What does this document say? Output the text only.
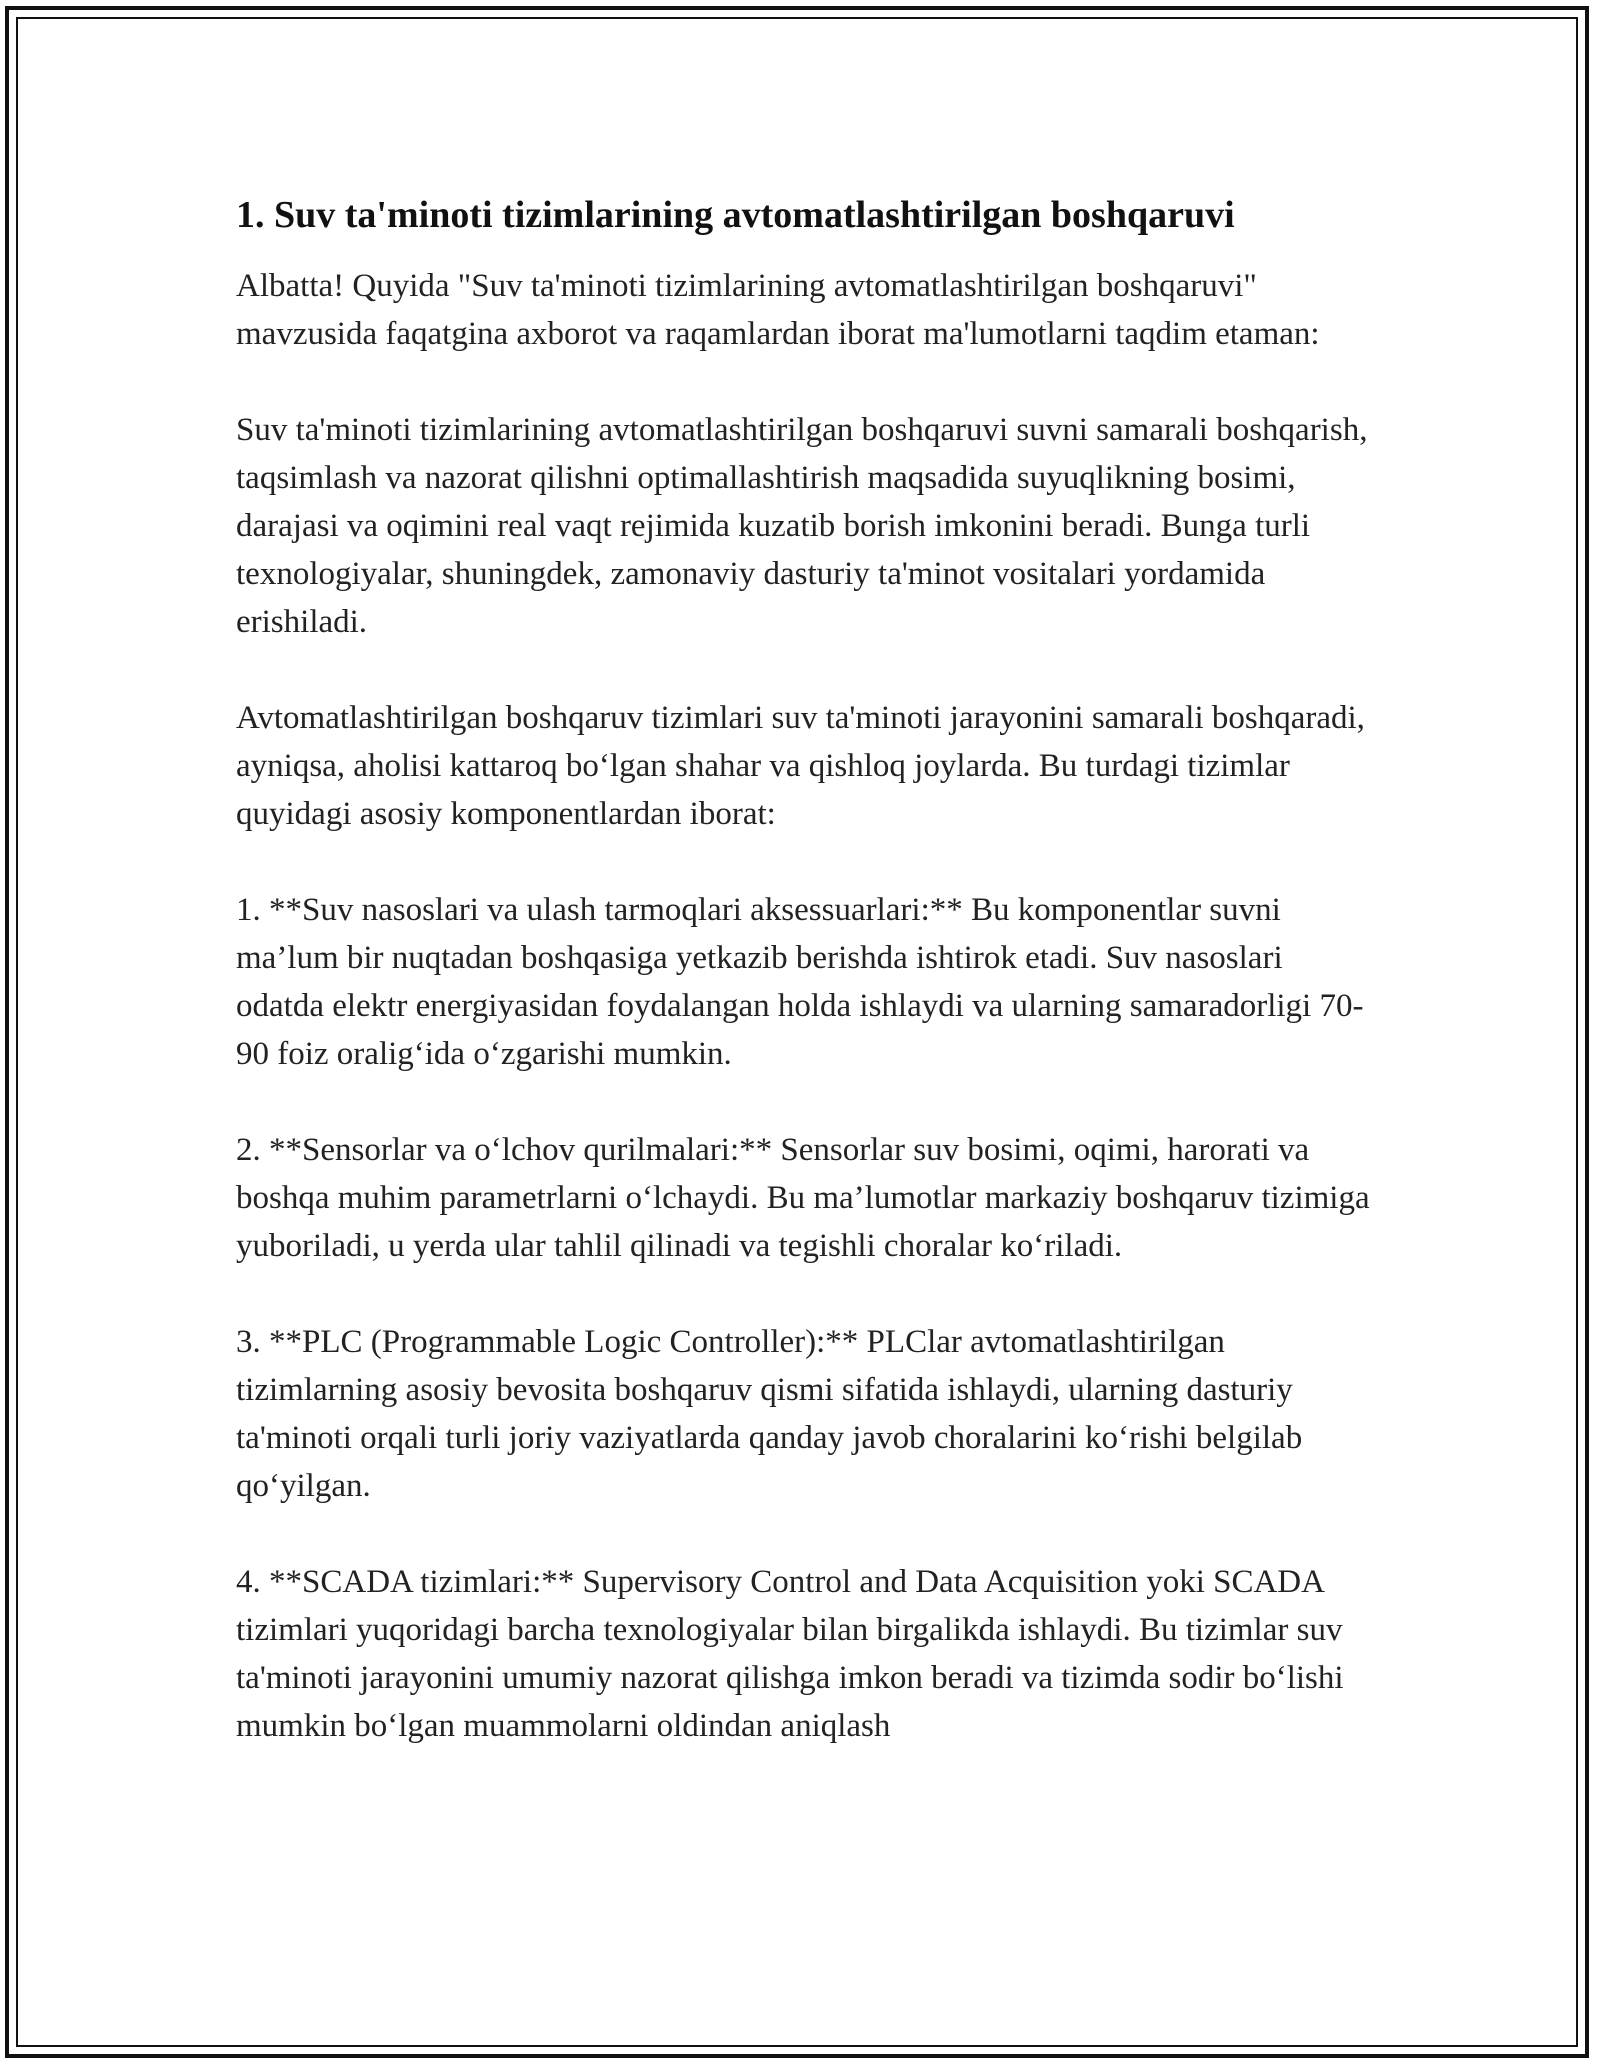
1. Suv ta'minoti tizimlarining avtomatlashtirilgan boshqaruvi

Albatta! Quyida "Suv ta'minoti tizimlarining avtomatlashtirilgan boshqaruvi" mavzusida faqatgina axborot va raqamlardan iborat ma'lumotlarni taqdim etaman:

Suv ta'minoti tizimlarining avtomatlashtirilgan boshqaruvi suvni samarali boshqarish, taqsimlash va nazorat qilishni optimallashtirish maqsadida suyuqlikning bosimi, darajasi va oqimini real vaqt rejimida kuzatib borish imkonini beradi. Bunga turli texnologiyalar, shuningdek, zamonaviy dasturiy ta'minot vositalari yordamida erishiladi.

Avtomatlashtirilgan boshqaruv tizimlari suv ta'minoti jarayonini samarali boshqaradi, ayniqsa, aholisi kattaroq bo‘lgan shahar va qishloq joylarda. Bu turdagi tizimlar quyidagi asosiy komponentlardan iborat:

1. **Suv nasoslari va ulash tarmoqlari aksessuarlari:** Bu komponentlar suvni ma’lum bir nuqtadan boshqasiga yetkazib berishda ishtirok etadi. Suv nasoslari odatda elektr energiyasidan foydalangan holda ishlaydi va ularning samaradorligi 70-90 foiz oralig‘ida o‘zgarishi mumkin.

2. **Sensorlar va o‘lchov qurilmalari:** Sensorlar suv bosimi, oqimi, harorati va boshqa muhim parametrlarni o‘lchaydi. Bu ma’lumotlar markaziy boshqaruv tizimiga yuboriladi, u yerda ular tahlil qilinadi va tegishli choralar ko‘riladi.

3. **PLC (Programmable Logic Controller):** PLClar avtomatlashtirilgan tizimlarning asosiy bevosita boshqaruv qismi sifatida ishlaydi, ularning dasturiy ta'minoti orqali turli joriy vaziyatlarda qanday javob choralarini ko‘rishi belgilab qo‘yilgan.

4. **SCADA tizimlari:** Supervisory Control and Data Acquisition yoki SCADA tizimlari yuqoridagi barcha texnologiyalar bilan birgalikda ishlaydi. Bu tizimlar suv ta'minoti jarayonini umumiy nazorat qilishga imkon beradi va tizimda sodir bo‘lishi mumkin bo‘lgan muammolarni oldindan aniqlash
